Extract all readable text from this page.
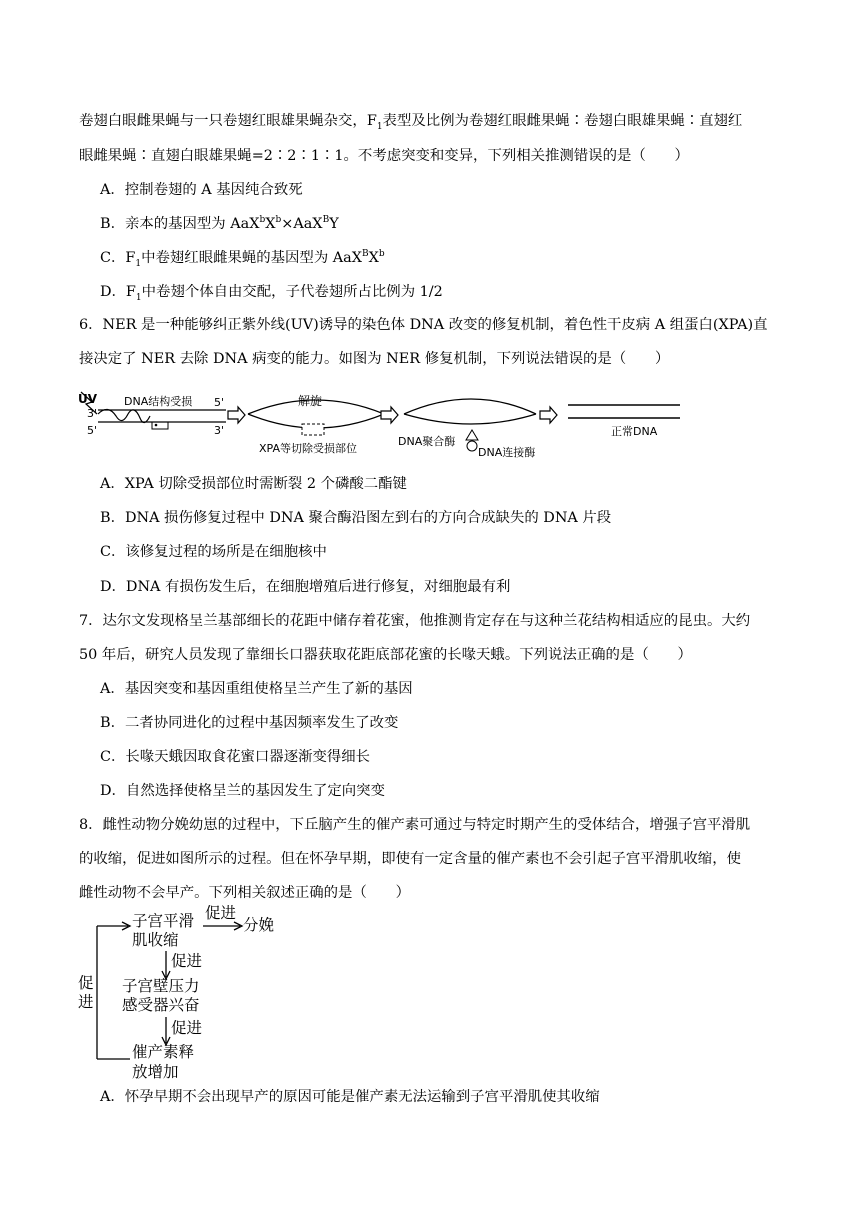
卷翅白眼雌果蝇与一只卷翅红眼雄果蝇杂交，$F_1$表型及比例为卷翅红眼雌果蝇∶卷翅白眼雄果蝇∶直翅红
眼雌果蝇∶直翅白眼雄果蝇=2∶2∶1∶1。不考虑突变和变异，下列相关推测错误的是（　　）
A．控制卷翅的 A 基因纯合致死
B．亲本的基因型为 $AaX^bX^b\times AaX^BY$
C．$F_1$中卷翅红眼雌果蝇的基因型为 $AaX^BX^b$
D．$F_1$中卷翅个体自由交配，子代卷翅所占比例为 1/2
6．NER 是一种能够纠正紫外线(UV)诱导的染色体 DNA 改变的修复机制，着色性干皮病 A 组蛋白(XPA)直
接决定了 NER 去除 DNA 病变的能力。如图为 NER 修复机制，下列说法错误的是（　　）
UV DNA结构受损
3'
5'
5'	3'
解旋
XPA等切除受损部位
DNA聚合酶
DNA连接酶
正常DNA
A．XPA 切除受损部位时需断裂 2 个磷酸二酯键
B．DNA 损伤修复过程中 DNA 聚合酶沿图左到右的方向合成缺失的 DNA 片段
C．该修复过程的场所是在细胞核中
D．DNA 有损伤发生后，在细胞增殖后进行修复，对细胞最有利
7．达尔文发现格呈兰基部细长的花距中储存着花蜜，他推测肯定存在与这种兰花结构相适应的昆虫。大约
50 年后，研究人员发现了靠细长口器获取花距底部花蜜的长喙天蛾。下列说法正确的是（　　）
A．基因突变和基因重组使格呈兰产生了新的基因
B．二者协同进化的过程中基因频率发生了改变
C．长喙天蛾因取食花蜜口器逐渐变得细长
D．自然选择使格呈兰的基因发生了定向突变
8．雌性动物分娩幼崽的过程中，下丘脑产生的催产素可通过与特定时期产生的受体结合，增强子宫平滑肌
的收缩，促进如图所示的过程。但在怀孕早期，即使有一定含量的催产素也不会引起子宫平滑肌收缩，使
雌性动物不会早产。下列相关叙述正确的是（　　）
子宫平滑
肌收缩
促进
分娩
促进
子宫壁压力
感受器兴奋
促进
催产素释
放增加
促
进
A．怀孕早期不会出现早产的原因可能是催产素无法运输到子宫平滑肌使其收缩
